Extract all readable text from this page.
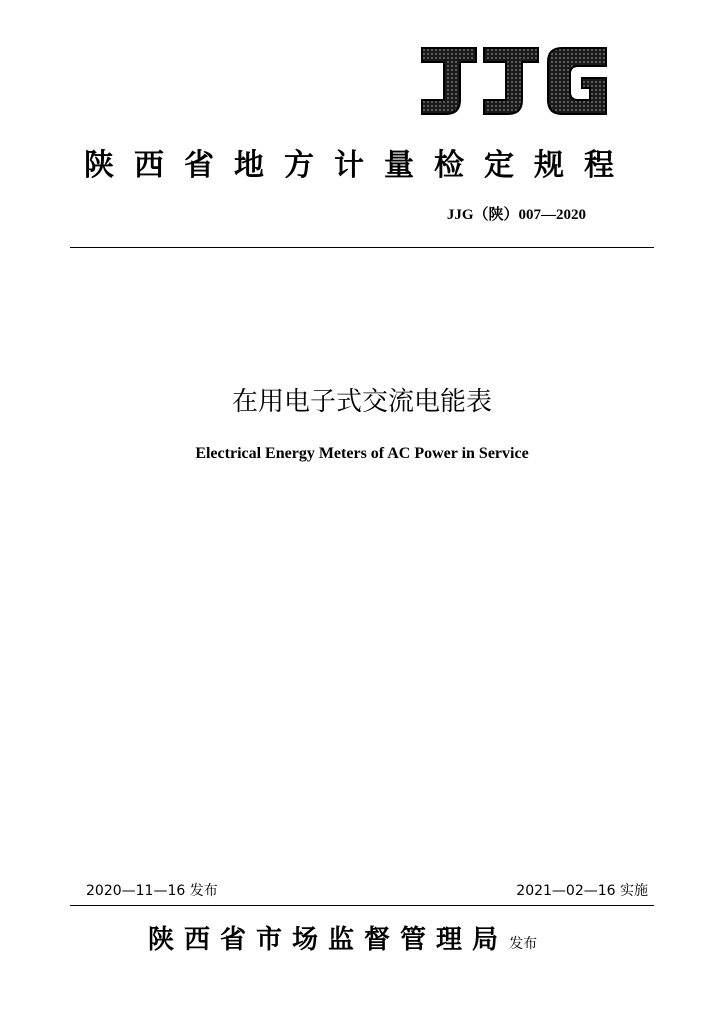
陕西省地方计量检定规程
JJG（陕）007—2020
在用电子式交流电能表
Electrical Energy Meters of AC Power in Service
2020—11—16 发布	2021—02—16 实施
陕西省市场监督管理局 发布
